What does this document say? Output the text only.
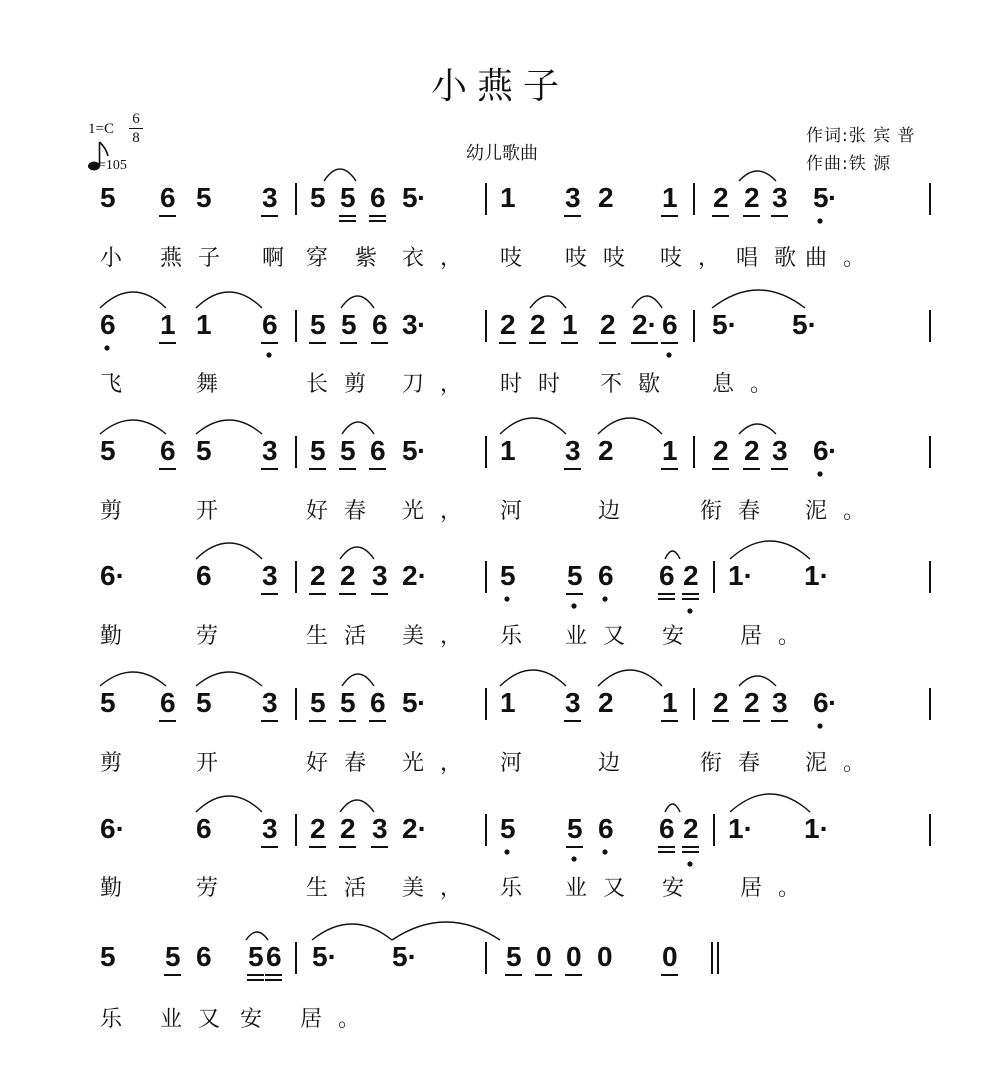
小燕子
1=C
6
8
=105
幼儿歌曲
作词:张 宾 普
作曲:铁 源
5 6 5 3 5 5 6 5 ·	1 3 2 1 2 2 3 5 ·
小 燕子 啊 穿 紫 衣， 吱 吱吱 吱，唱歌
曲。
6 1 1 6 5 5 6 3 ·	2 2 1 2 2· 6 5· 5·
飞	舞	长剪 刀， 时时 不歇 息。
5 6 5 3 5 5 6 5 ·	1 3 2 1 2 2 3 6 ·
剪	开	好春 光， 河	边	衔春 泥。
6·	6 3 2 2 3 2·	5 5 6 6 2 1· 1·
勤	劳	生活 美， 乐 业又 安 居。
5 6 5 3 5 5 6 5 ·	1 3 2 1 2 2 3 6 ·
剪	开	好春 光， 河	边	衔春 泥。
6·	6 3 2 2 3 2·	5 5 6 6 2 1· 1·
勤	劳	生活 美， 乐 业又 安 居。
5 5 6 5 6 5· 5·	5 0 0 0 0
乐 业又 安 居。
